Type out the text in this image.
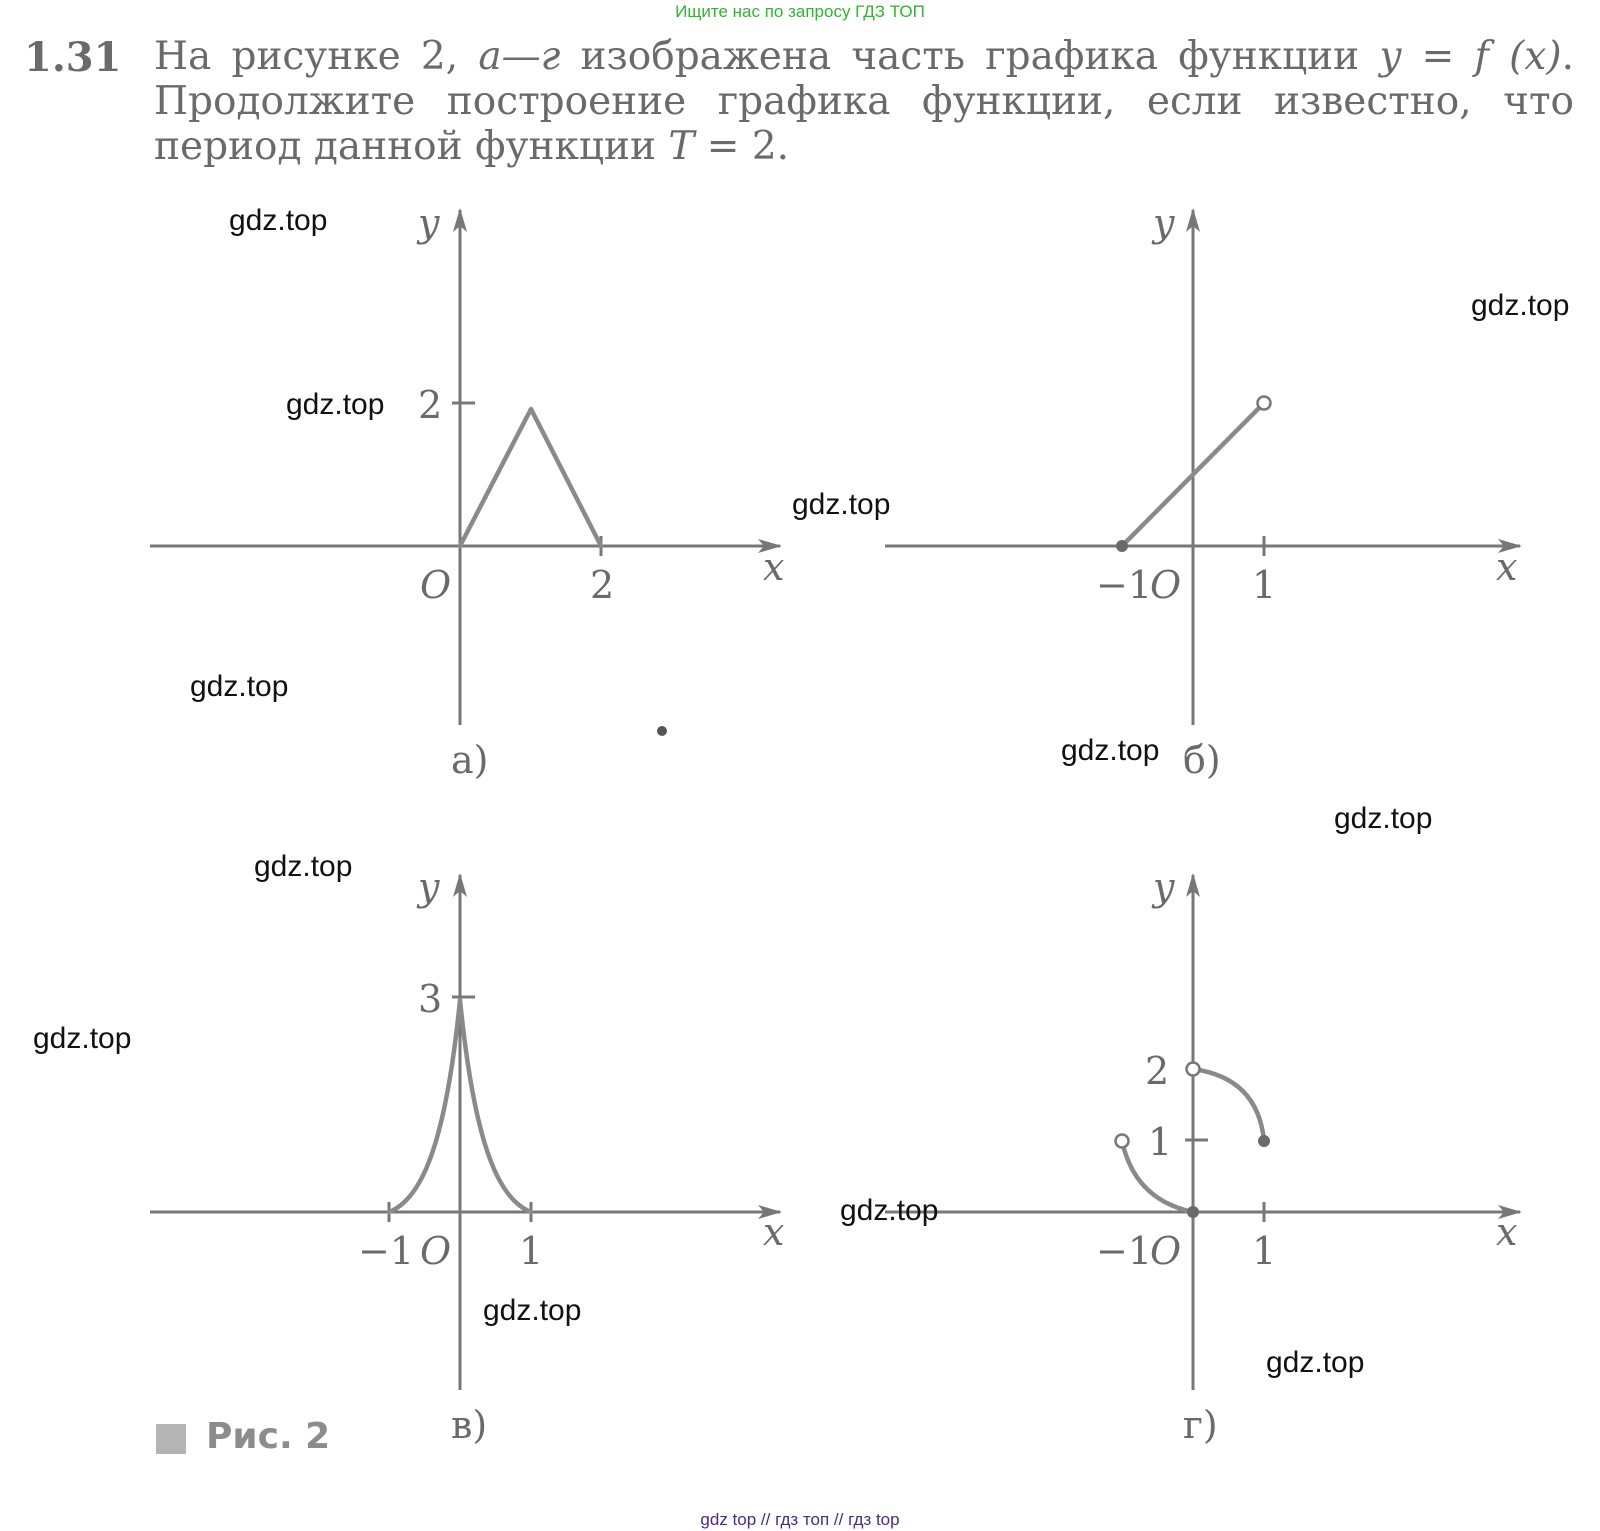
Ищите нас по запросу ГДЗ ТОП
1.31 На рисунке 2, а—г изображена часть графика функции y = f (x).
Продолжите построение графика функции, если известно, что
период данной функции T = 2.
y
x
O
2
2
а)
y
x
−1
O 1
б)
y
x
3
−1 O 1
в)
y
x
2
1
−1
O 1
г)
gdz.top
gdz.top
gdz.top
gdz.top
gdz.top
gdz.top
gdz.top
gdz.top
gdz.top
gdz.top
gdz.top
gdz.top
Рис. 2
gdz top // гдз топ // гдз top
